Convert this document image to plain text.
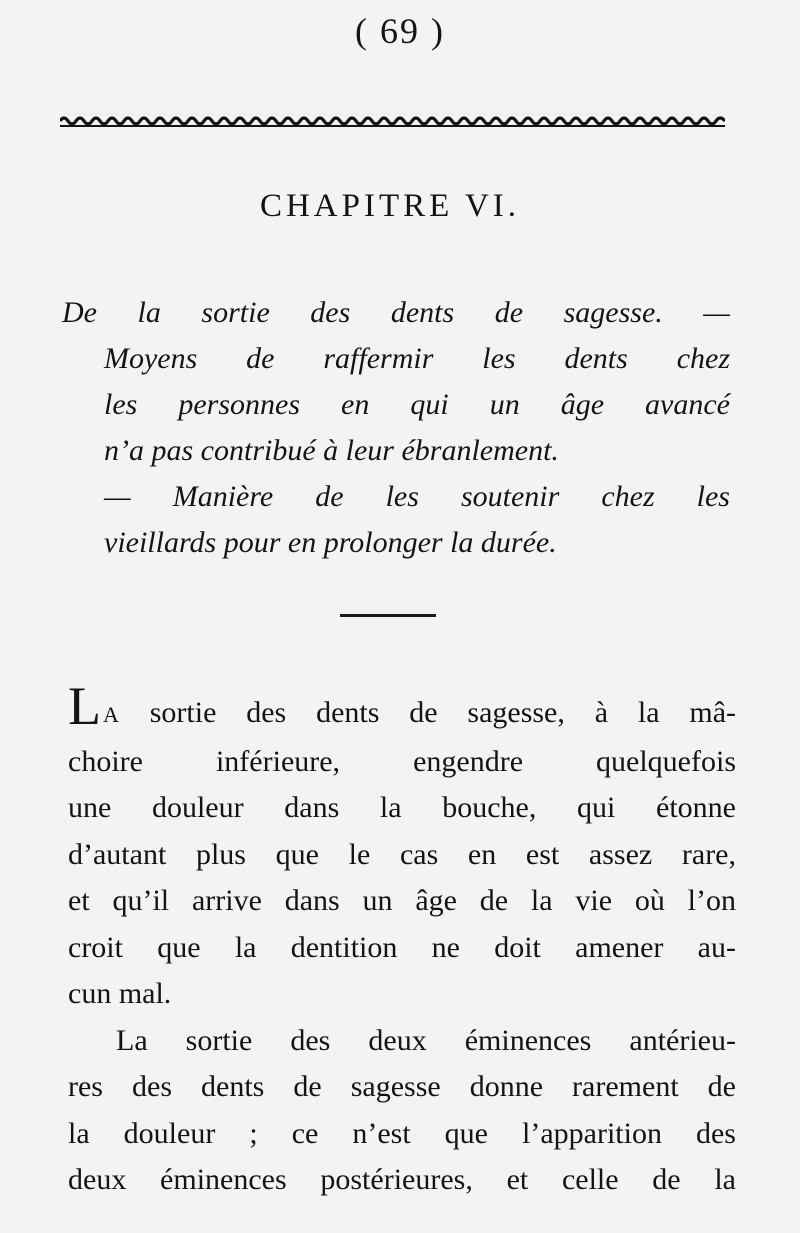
( 69 )
CHAPITRE VI.
De la sortie des dents de sagesse. —
Moyens de raffermir les dents chez
les personnes en qui un âge avancé
n’a pas contribué à leur ébranlement.
— Manière de les soutenir chez les
vieillards pour en prolonger la durée.
LA sortie des dents de sagesse, à la mâ-
choire inférieure, engendre quelquefois
une douleur dans la bouche, qui étonne
d’autant plus que le cas en est assez rare,
et qu’il arrive dans un âge de la vie où l’on
croit que la dentition ne doit amener au-
cun mal.
La sortie des deux éminences antérieu-
res des dents de sagesse donne rarement de
la douleur ; ce n’est que l’apparition des
deux éminences postérieures, et celle de la
